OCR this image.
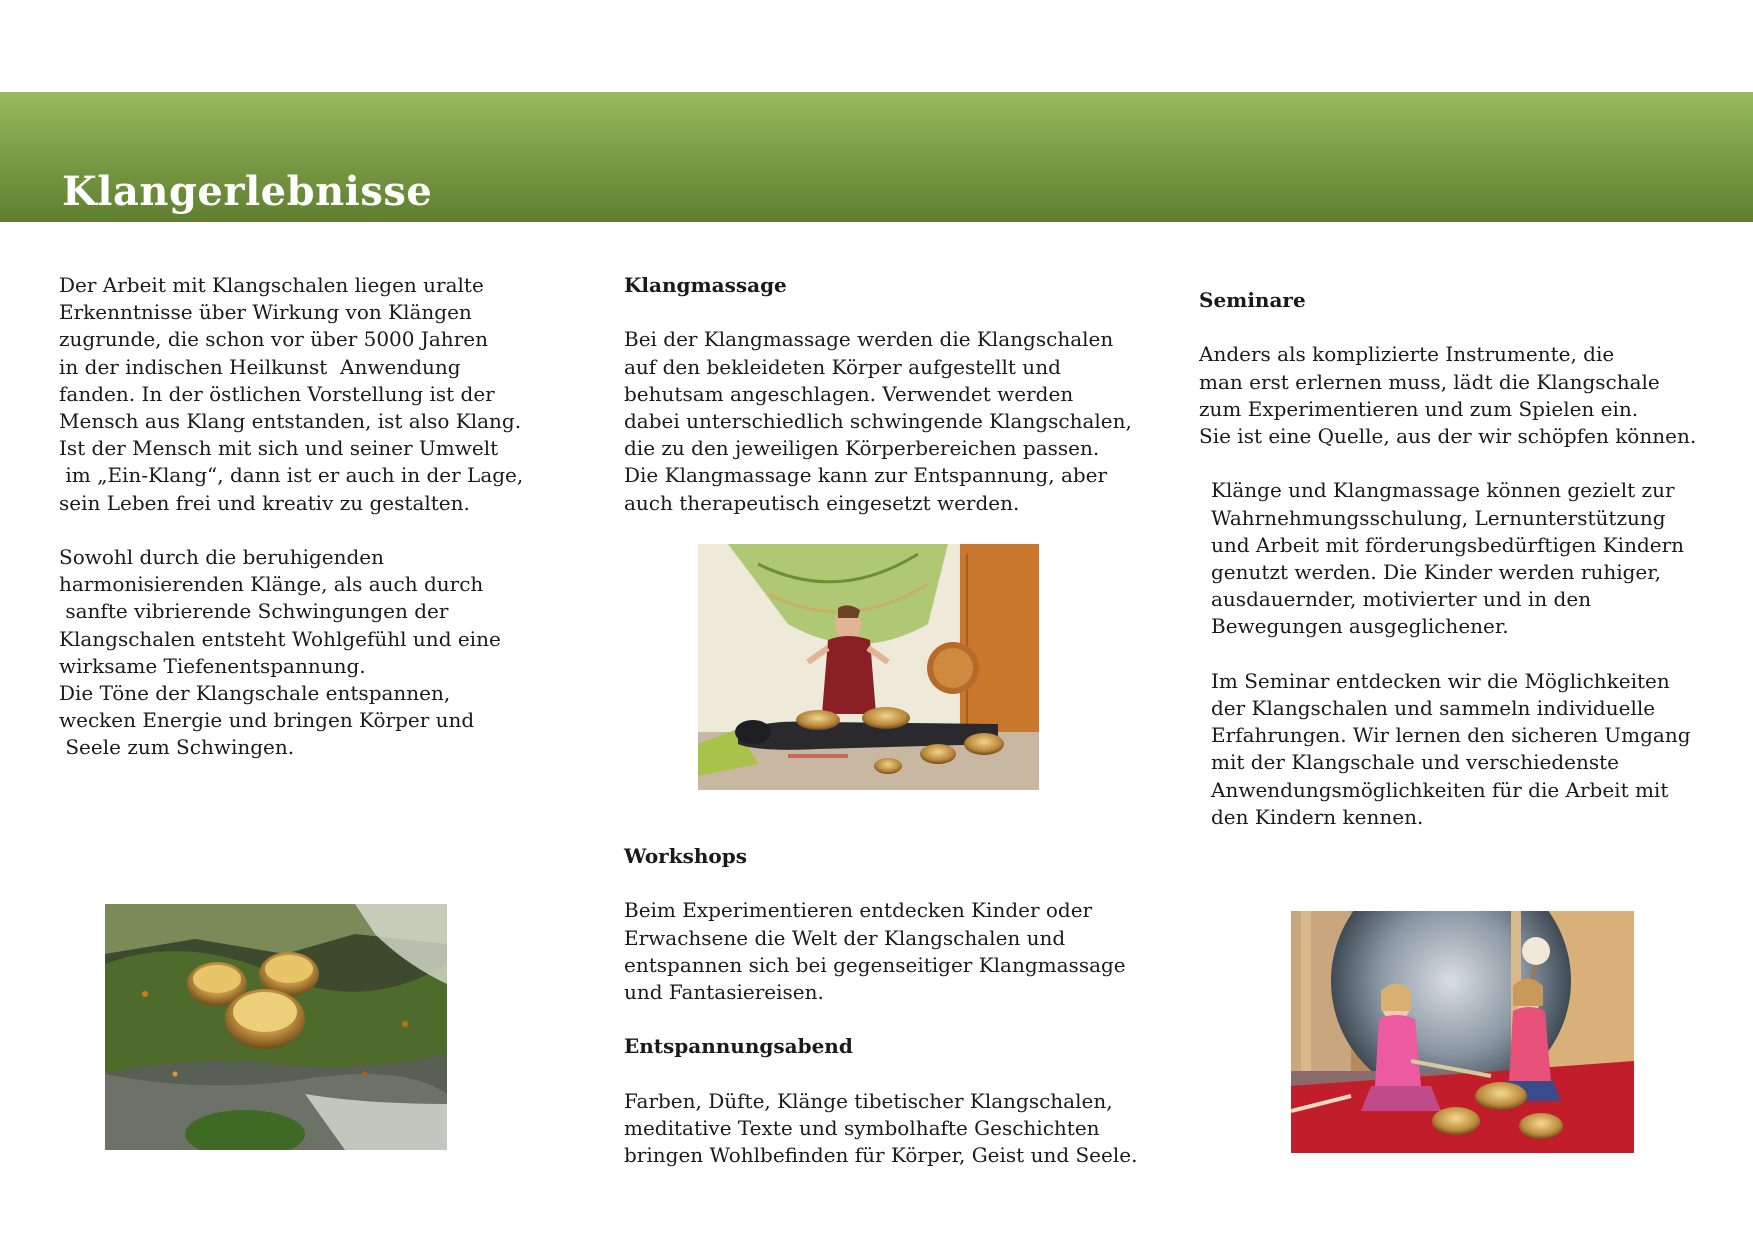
Klangerlebnisse

Der Arbeit mit Klangschalen liegen uralte
Erkenntnisse über Wirkung von Klängen
zugrunde, die schon vor über 5000 Jahren
in der indischen Heilkunst  Anwendung
fanden. In der östlichen Vorstellung ist der
Mensch aus Klang entstanden, ist also Klang.
Ist der Mensch mit sich und seiner Umwelt
im „Ein-Klang“, dann ist er auch in der Lage,
sein Leben frei und kreativ zu gestalten.

Sowohl durch die beruhigenden
harmonisierenden Klänge, als auch durch
sanfte vibrierende Schwingungen der
Klangschalen entsteht Wohlgefühl und eine
wirksame Tiefenentspannung.
Die Töne der Klangschale entspannen,
wecken Energie und bringen Körper und
Seele zum Schwingen.

Klangmassage

Bei der Klangmassage werden die Klangschalen
auf den bekleideten Körper aufgestellt und
behutsam angeschlagen. Verwendet werden
dabei unterschiedlich schwingende Klangschalen,
die zu den jeweiligen Körperbereichen passen.
Die Klangmassage kann zur Entspannung, aber
auch therapeutisch eingesetzt werden.

Workshops

Beim Experimentieren entdecken Kinder oder
Erwachsene die Welt der Klangschalen und
entspannen sich bei gegenseitiger Klangmassage
und Fantasiereisen.

Entspannungsabend

Farben, Düfte, Klänge tibetischer Klangschalen,
meditative Texte und symbolhafte Geschichten
bringen Wohlbefinden für Körper, Geist und Seele.

Seminare

Anders als komplizierte Instrumente, die
man erst erlernen muss, lädt die Klangschale
zum Experimentieren und zum Spielen ein.
Sie ist eine Quelle, aus der wir schöpfen können.

Klänge und Klangmassage können gezielt zur
Wahrnehmungsschulung, Lernunterstützung
und Arbeit mit förderungsbedürftigen Kindern
genutzt werden. Die Kinder werden ruhiger,
ausdauernder, motivierter und in den
Bewegungen ausgeglichener.

Im Seminar entdecken wir die Möglichkeiten
der Klangschalen und sammeln individuelle
Erfahrungen. Wir lernen den sicheren Umgang
mit der Klangschale und verschiedenste
Anwendungsmöglichkeiten für die Arbeit mit
den Kindern kennen.
